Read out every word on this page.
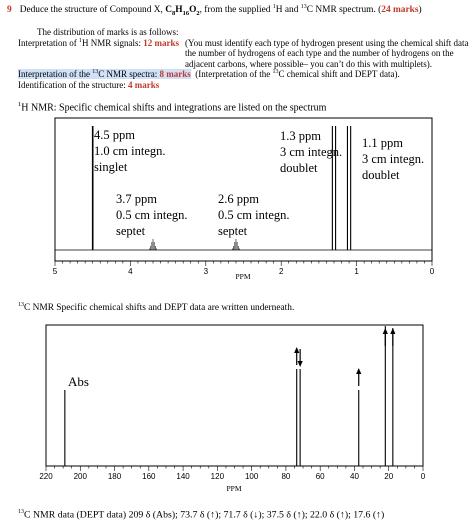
9 Deduce the structure of Compound X, $C_8H_{16}O_2$, from the supplied $^1$H and $^{13}$C NMR spectrum. (24 marks)
The distribution of marks is as follows:
Interpretation of $^1$H NMR signals: 12 marks (You must identify each type of hydrogen present using the chemical shift data the number of hydrogens of each type and the number of hydrogens on the adjacent carbons, where possible– you can’t do this with multiplets).
Interpretation of the $^{13}$C NMR spectra: 8 marks (Interpretation of the $^{13}$C chemical shift and DEPT data).
Identification of the structure: 4 marks
$^1$H NMR: Specific chemical shifts and integrations are listed on the spectrum
5	4	3	2	1	0
PPM
4.5 ppm
1.0 cm integn.
singlet
3.7 ppm
0.5 cm integn.
septet
2.6 ppm
0.5 cm integn.
septet
1.3 ppm
3 cm integn.
doublet
1.1 ppm
3 cm integn.
doublet
$^{13}$C NMR Specific chemical shifts and DEPT data are written underneath.
220	200	180	160	140	120	100	80	60	40	20	0
PPM
Abs
$^{13}$C NMR data (DEPT data) 209 δ (Abs); 73.7 δ (↑); 71.7 δ (↓); 37.5 δ (↑); 22.0 δ (↑); 17.6 (↑)
